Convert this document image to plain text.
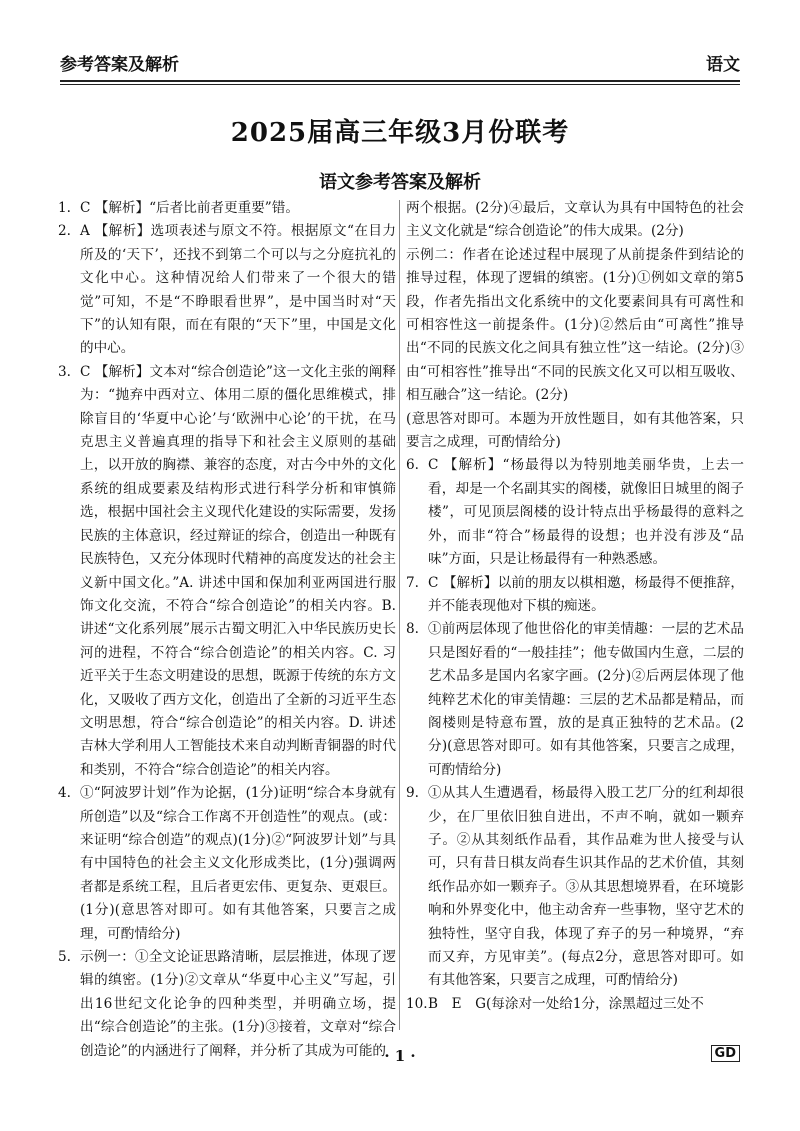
参考答案及解析	语文
2025届高三年级3月份联考
语文参考答案及解析
1. C 【解析】“后者比前者更重要”错。
2. A 【解析】选项表述与原文不符。根据原文“在目力所及的‘天下’，还找不到第二个可以与之分庭抗礼的文化中心。这种情况给人们带来了一个很大的错觉”可知，不是“不睁眼看世界”，是中国当时对“天下”的认知有限，而在有限的“天下”里，中国是文化的中心。
3. C 【解析】文本对“综合创造论”这一文化主张的阐释为：“抛弃中西对立、体用二原的僵化思维模式，排除盲目的‘华夏中心论’与‘欧洲中心论’的干扰，在马克思主义普遍真理的指导下和社会主义原则的基础上，以开放的胸襟、兼容的态度，对古今中外的文化系统的组成要素及结构形式进行科学分析和审慎筛选，根据中国社会主义现代化建设的实际需要，发扬民族的主体意识，经过辩证的综合，创造出一种既有民族特色，又充分体现时代精神的高度发达的社会主义新中国文化。”A. 讲述中国和保加利亚两国进行服饰文化交流，不符合“综合创造论”的相关内容。B. 讲述“文化系列展”展示古蜀文明汇入中华民族历史长河的进程，不符合“综合创造论”的相关内容。C. 习近平关于生态文明建设的思想，既源于传统的东方文化，又吸收了西方文化，创造出了全新的习近平生态文明思想，符合“综合创造论”的相关内容。D. 讲述吉林大学利用人工智能技术来自动判断青铜器的时代和类别，不符合“综合创造论”的相关内容。
4. ①“阿波罗计划”作为论据，(1分)证明“综合本身就有所创造”以及“综合工作离不开创造性”的观点。(或：来证明“综合创造”的观点)(1分)②“阿波罗计划”与具有中国特色的社会主义文化形成类比，(1分)强调两者都是系统工程，且后者更宏伟、更复杂、更艰巨。(1分)(意思答对即可。如有其他答案，只要言之成理，可酌情给分)
5. 示例一：①全文论证思路清晰，层层推进，体现了逻辑的缜密。(1分)②文章从“华夏中心主义”写起，引出16世纪文化论争的四种类型，并明确立场，提出“综合创造论”的主张。(1分)③接着，文章对“综合创造论”的内涵进行了阐释，并分析了其成为可能的
两个根据。(2分)④最后，文章认为具有中国特色的社会主义文化就是“综合创造论”的伟大成果。(2分)
示例二：作者在论述过程中展现了从前提条件到结论的推导过程，体现了逻辑的缜密。(1分)①例如文章的第5段，作者先指出文化系统中的文化要素间具有可离性和可相容性这一前提条件。(1分)②然后由“可离性”推导出“不同的民族文化之间具有独立性”这一结论。(2分)③由“可相容性”推导出“不同的民族文化又可以相互吸收、相互融合”这一结论。(2分)
(意思答对即可。本题为开放性题目，如有其他答案，只要言之成理，可酌情给分)
6. C 【解析】“杨最得以为特别地美丽华贵，上去一看，却是一个名副其实的阁楼，就像旧日城里的阁子楼”，可见顶层阁楼的设计特点出乎杨最得的意料之外，而非“符合”杨最得的设想；也并没有涉及“品味”方面，只是让杨最得有一种熟悉感。
7. C 【解析】以前的朋友以棋相邀，杨最得不便推辞，并不能表现他对下棋的痴迷。
8. ①前两层体现了他世俗化的审美情趣：一层的艺术品只是图好看的“一般挂挂”；他专做国内生意，二层的艺术品多是国内名家字画。(2分)②后两层体现了他纯粹艺术化的审美情趣：三层的艺术品都是精品，而阁楼则是特意布置，放的是真正独特的艺术品。(2分)(意思答对即可。如有其他答案，只要言之成理，可酌情给分)
9. ①从其人生遭遇看，杨最得入股工艺厂分的红利却很少，在厂里依旧独自进出，不声不响，就如一颗弃子。②从其刻纸作品看，其作品难为世人接受与认可，只有昔日棋友尚春生识其作品的艺术价值，其刻纸作品亦如一颗弃子。③从其思想境界看，在环境影响和外界变化中，他主动舍弃一些事物，坚守艺术的独特性，坚守自我，体现了弃子的另一种境界，“弃而又弃，方见审美”。(每点2分，意思答对即可。如有其他答案，只要言之成理，可酌情给分)
10. B　E　G(每涂对一处给1分，涂黑超过三处不
· 1 ·	GD
